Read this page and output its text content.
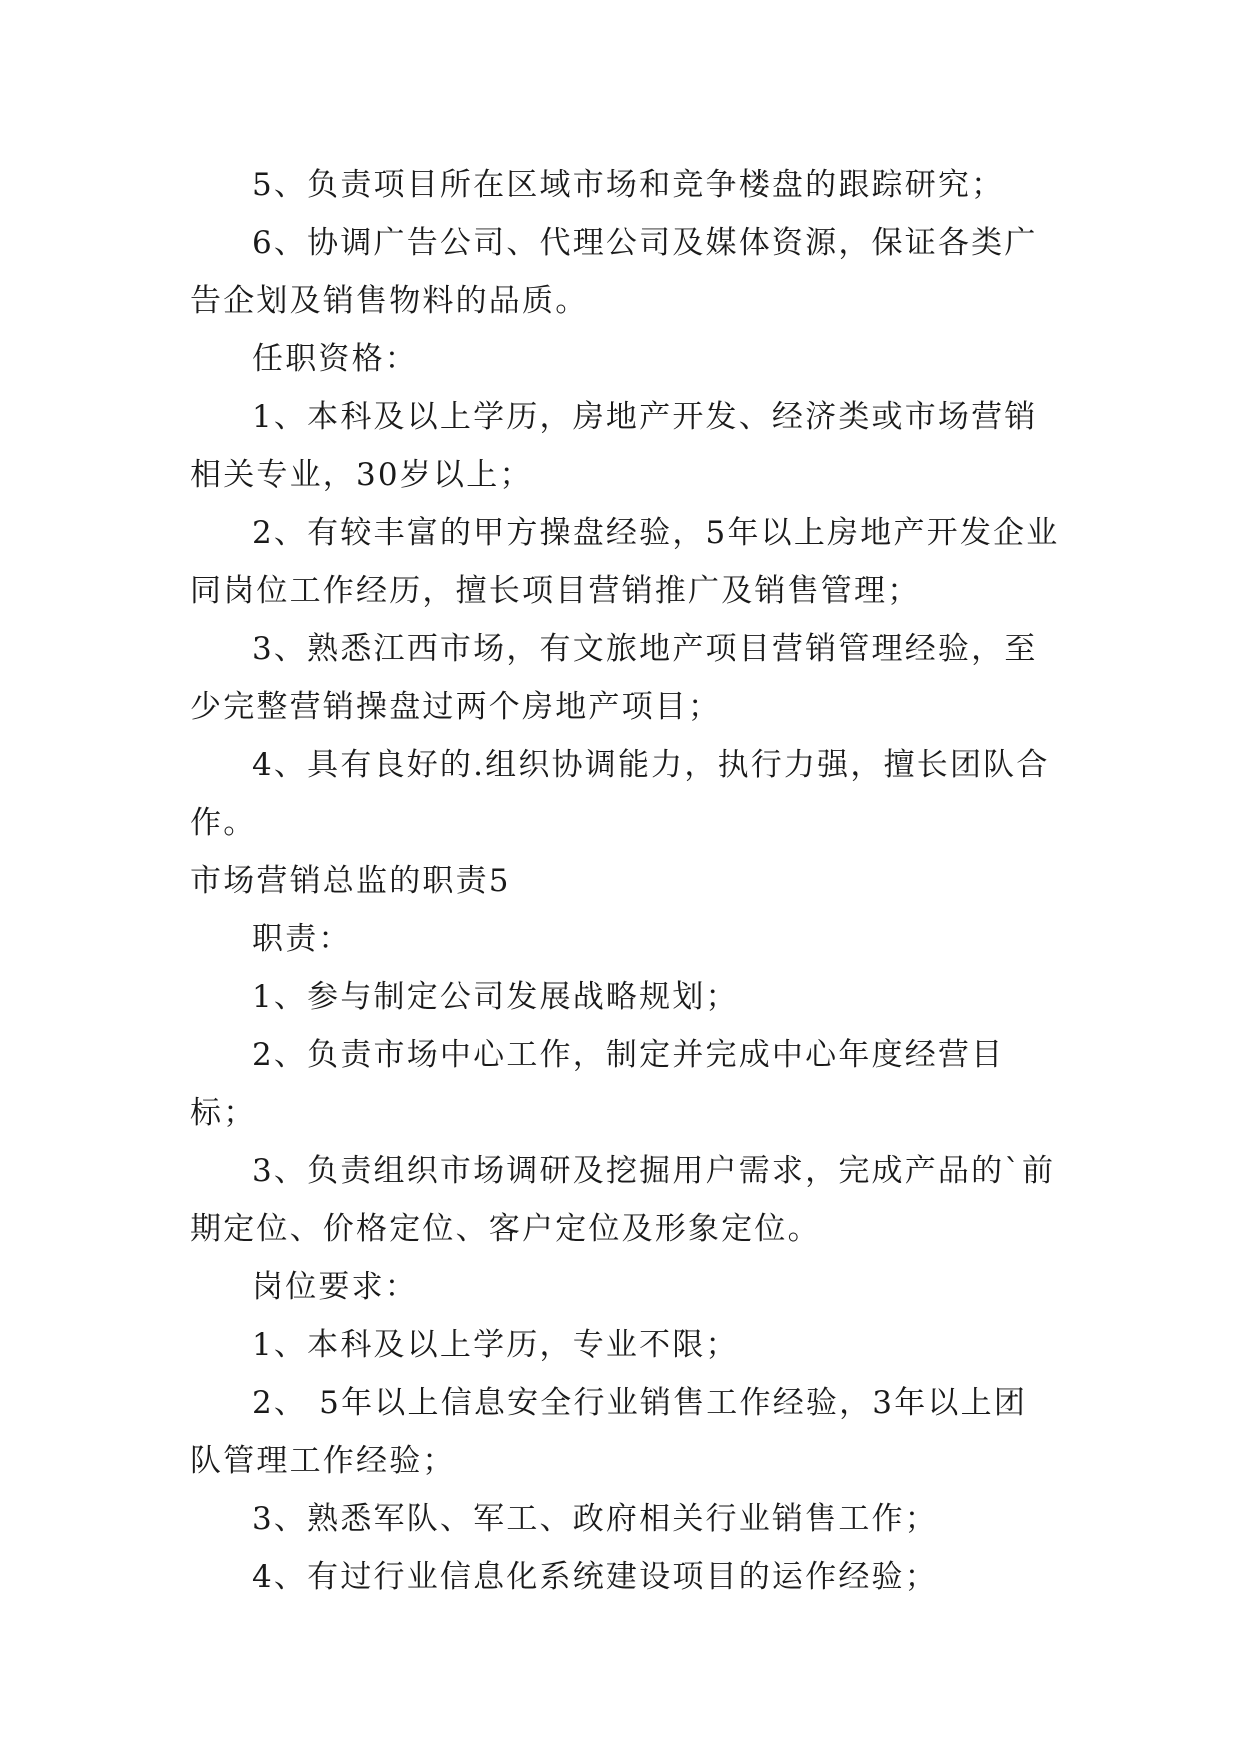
5、负责项目所在区域市场和竞争楼盘的跟踪研究；

6、协调广告公司、代理公司及媒体资源，保证各类广告企划及销售物料的品质。

任职资格：

1、本科及以上学历，房地产开发、经济类或市场营销相关专业，30岁以上；

2、有较丰富的甲方操盘经验，5年以上房地产开发企业同岗位工作经历，擅长项目营销推广及销售管理；

3、熟悉江西市场，有文旅地产项目营销管理经验，至少完整营销操盘过两个房地产项目；

4、具有良好的.组织协调能力，执行力强，擅长团队合作。

市场营销总监的职责5

职责：

1、参与制定公司发展战略规划；

2、负责市场中心工作，制定并完成中心年度经营目标；

3、负责组织市场调研及挖掘用户需求，完成产品的`前期定位、价格定位、客户定位及形象定位。

岗位要求：

1、本科及以上学历，专业不限；

2、 5年以上信息安全行业销售工作经验，3年以上团队管理工作经验；

3、熟悉军队、军工、政府相关行业销售工作；

4、有过行业信息化系统建设项目的运作经验；
